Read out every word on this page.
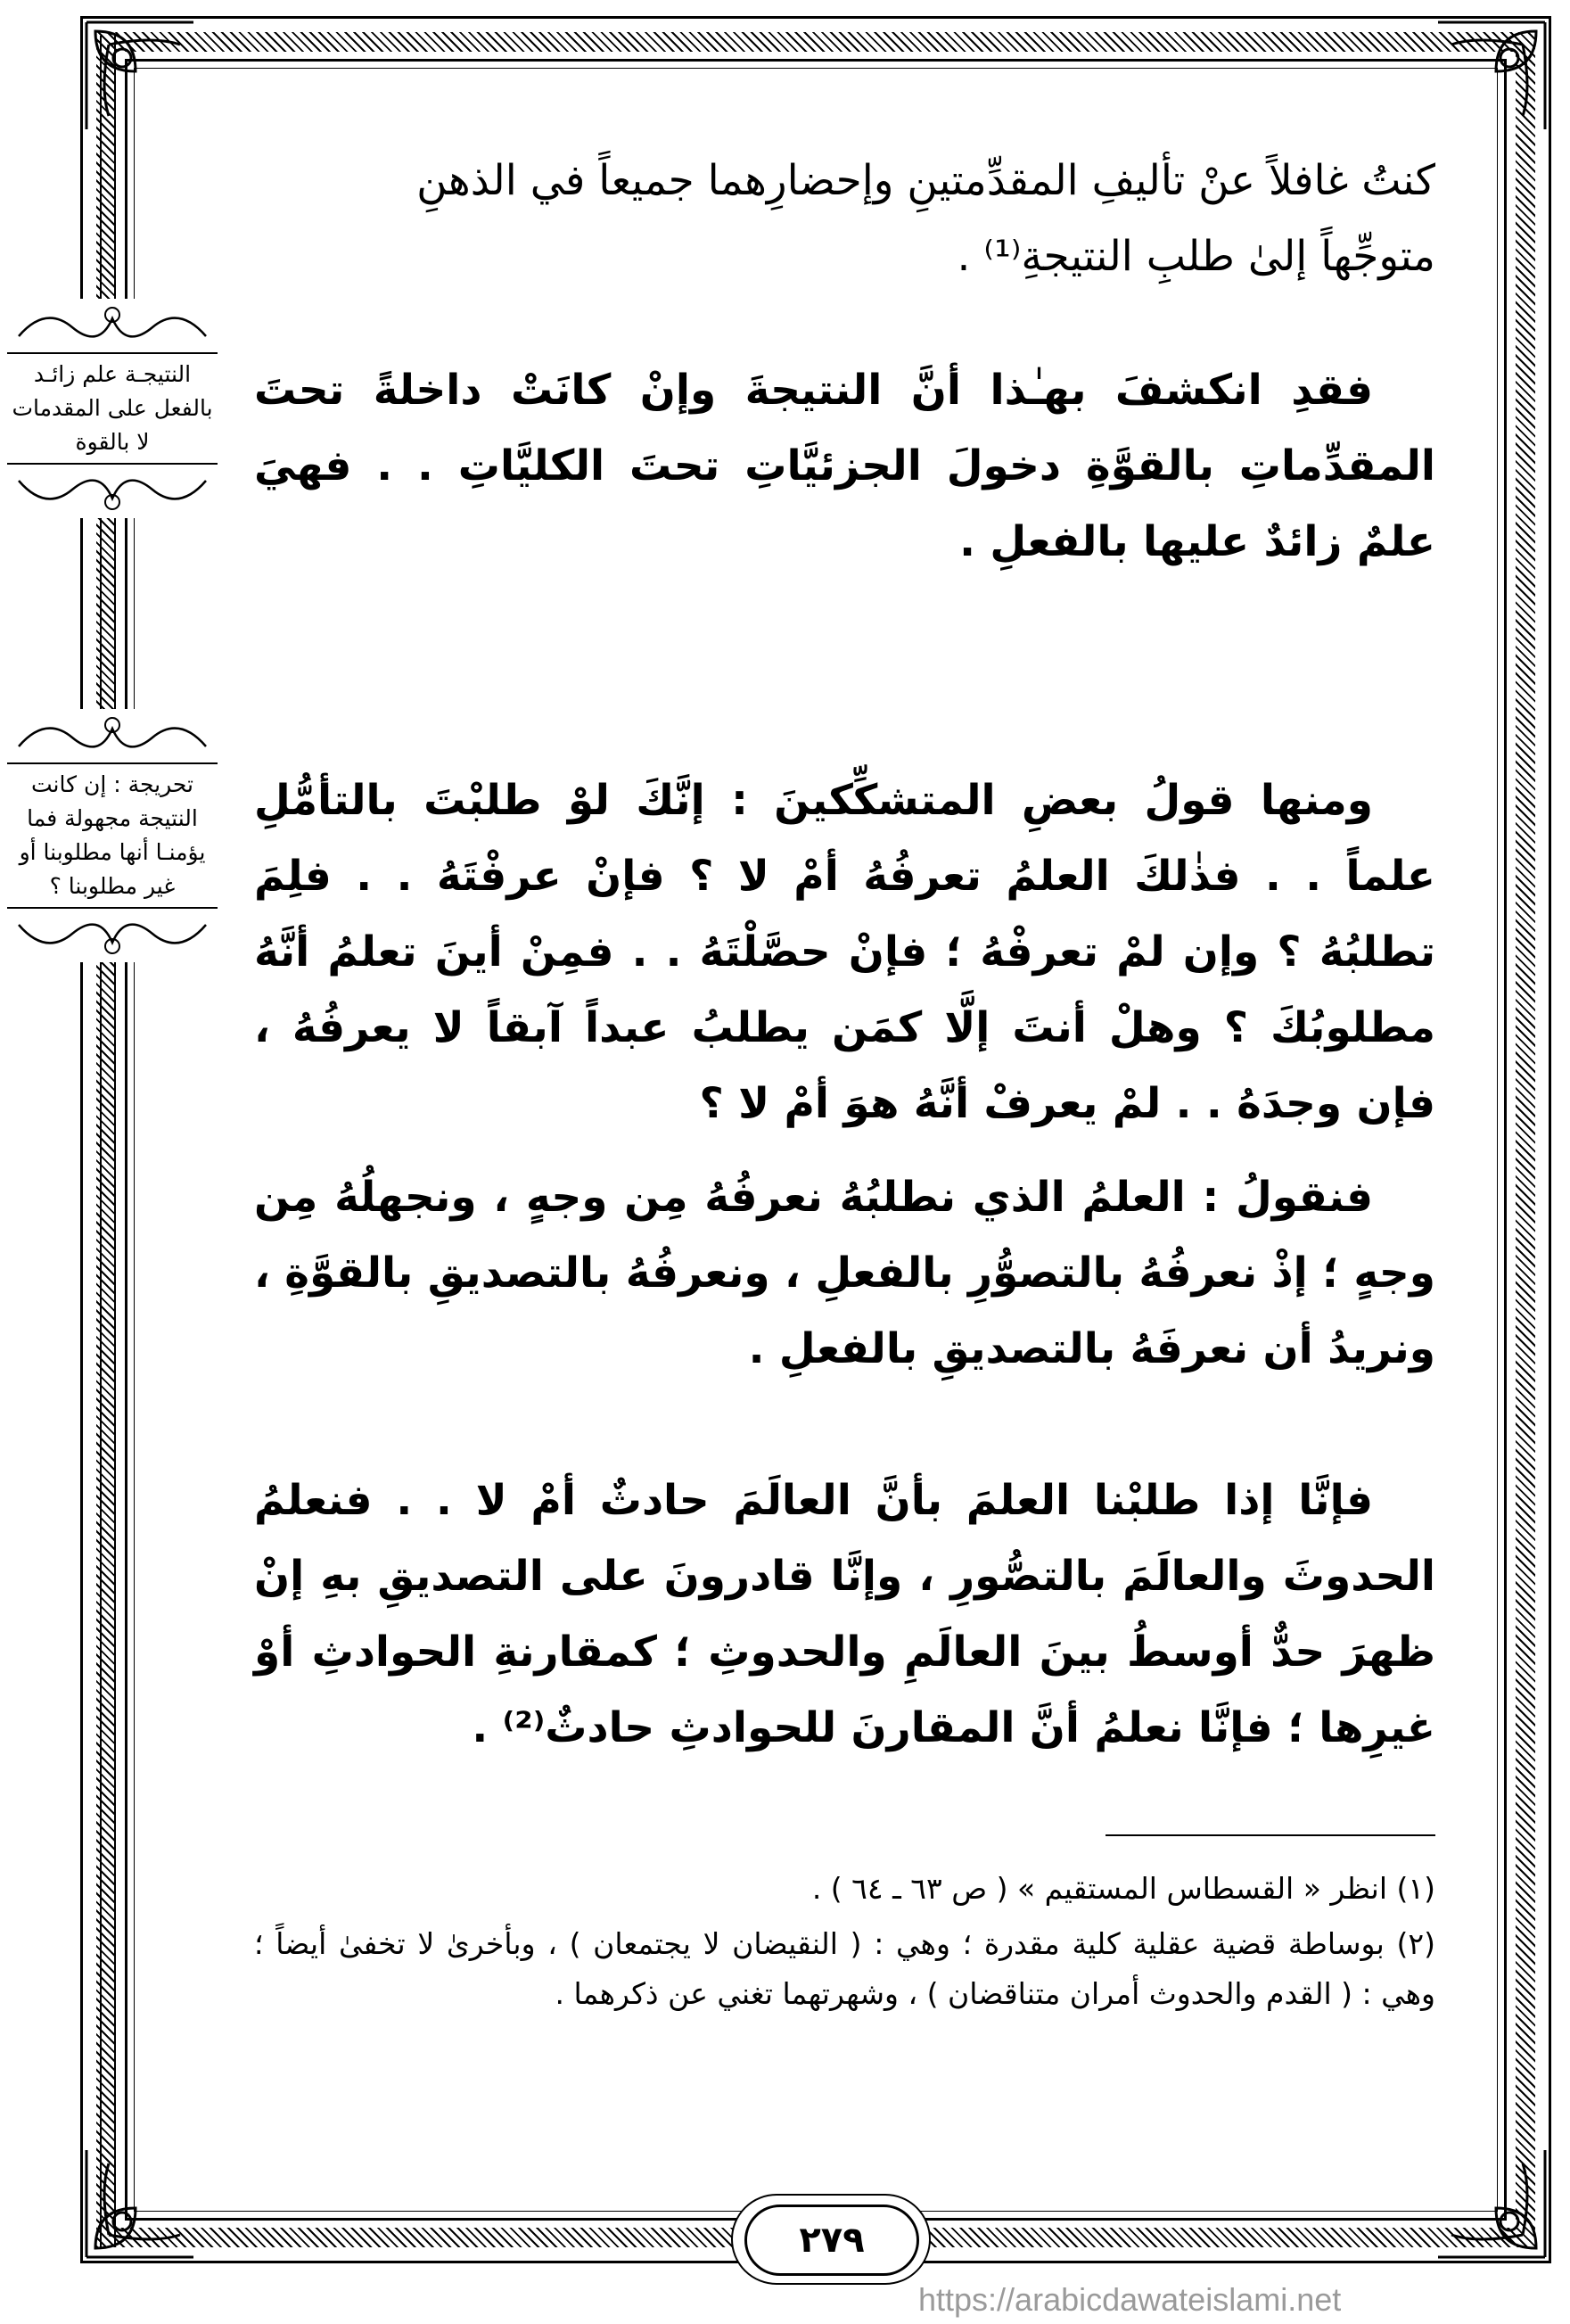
النتيجـة علم زائـد بالفعل على المقدمات لا بالقوة
تحريجة : إن كانت النتيجة مجهولة فما يؤمنـا أنها مطلوبنا أو غير مطلوبنا ؟

كنتُ غافلاً عنْ تأليفِ المقدِّمتينِ وإحضارِهما جميعاً في الذهنِ

متوجِّهاً إلىٰ طلبِ النتيجةِ⁽¹⁾ .

فقدِ انكشفَ بهـٰذا أنَّ النتيجةَ وإنْ كانَتْ داخلةً تحتَ المقدِّماتِ بالقوَّةِ دخولَ الجزئيَّاتِ تحتَ الكليَّاتِ . . فهيَ علمٌ زائدٌ عليها بالفعلِ .

ومنها قولُ بعضِ المتشكِّكينَ : إنَّكَ لوْ طلبْتَ بالتأمُّلِ علماً . . فذٰلكَ العلمُ تعرفُهُ أمْ لا ؟ فإنْ عرفْتَهُ . . فلِمَ تطلبُهُ ؟ وإن لمْ تعرفْهُ ؛ فإنْ حصَّلْتَهُ . . فمِنْ أينَ تعلمُ أنَّهُ مطلوبُكَ ؟ وهلْ أنتَ إلَّا كمَن يطلبُ عبداً آبقاً لا يعرفُهُ ، فإن وجدَهُ . . لمْ يعرفْ أنَّهُ هوَ أمْ لا ؟

فنقولُ : العلمُ الذي نطلبُهُ نعرفُهُ مِن وجهٍ ، ونجهلُهُ مِن وجهٍ ؛ إذْ نعرفُهُ بالتصوُّرِ بالفعلِ ، ونعرفُهُ بالتصديقِ بالقوَّةِ ، ونريدُ أن نعرفَهُ بالتصديقِ بالفعلِ .

فإنَّا إذا طلبْنا العلمَ بأنَّ العالَمَ حادثٌ أمْ لا . . فنعلمُ الحدوثَ والعالَمَ بالتصُّورِ ، وإنَّا قادرونَ على التصديقِ بهِ إنْ ظهرَ حدٌّ أوسطُ بينَ العالَمِ والحدوثِ ؛ كمقارنةِ الحوادثِ أوْ غيرِها ؛ فإنَّا نعلمُ أنَّ المقارنَ للحوادثِ حادثٌ⁽²⁾ .

(١) انظر « القسطاس المستقيم » ( ص ٦٣ ـ ٦٤ ) .

(٢) بوساطة قضية عقلية كلية مقدرة ؛ وهي : ( النقيضان لا يجتمعان ) ، وبأخرىٰ لا تخفىٰ أيضاً ؛ وهي : ( القدم والحدوث أمران متناقضان ) ، وشهرتهما تغني عن ذكرهما .

٢٧٩
https://arabicdawateislami.net
